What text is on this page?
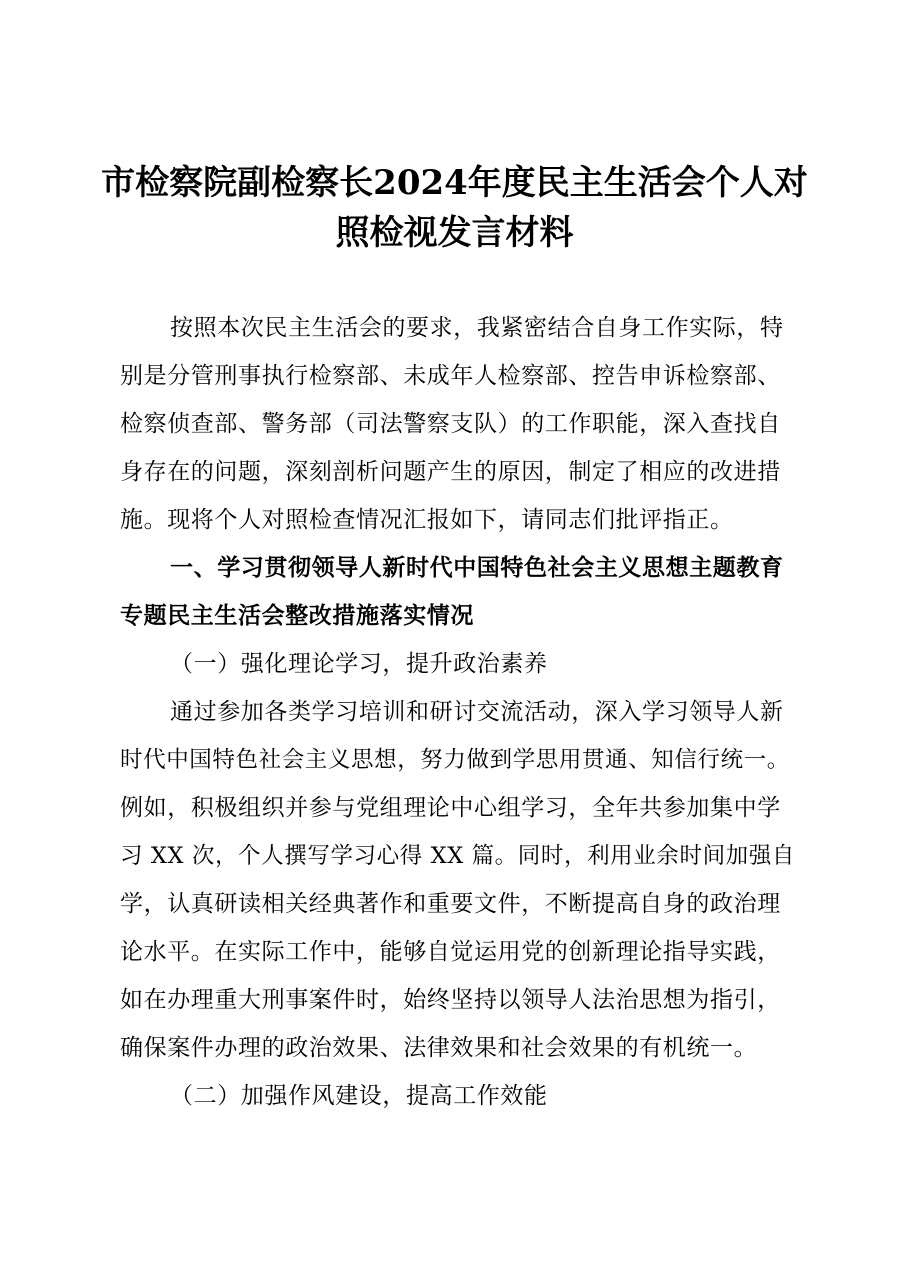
市检察院副检察长2024年度民主生活会个人对
照检视发言材料
按照本次民主生活会的要求，我紧密结合自身工作实际，特
别是分管刑事执行检察部、未成年人检察部、控告申诉检察部、
检察侦查部、警务部（司法警察支队）的工作职能，深入查找自
身存在的问题，深刻剖析问题产生的原因，制定了相应的改进措
施。现将个人对照检查情况汇报如下，请同志们批评指正。
一、学习贯彻领导人新时代中国特色社会主义思想主题教育
专题民主生活会整改措施落实情况
（一）强化理论学习，提升政治素养
通过参加各类学习培训和研讨交流活动，深入学习领导人新
时代中国特色社会主义思想，努力做到学思用贯通、知信行统一。
例如，积极组织并参与党组理论中心组学习，全年共参加集中学
习 XX 次，个人撰写学习心得 XX 篇。同时，利用业余时间加强自
学，认真研读相关经典著作和重要文件，不断提高自身的政治理
论水平。在实际工作中，能够自觉运用党的创新理论指导实践，
如在办理重大刑事案件时，始终坚持以领导人法治思想为指引，
确保案件办理的政治效果、法律效果和社会效果的有机统一。
（二）加强作风建设，提高工作效能
